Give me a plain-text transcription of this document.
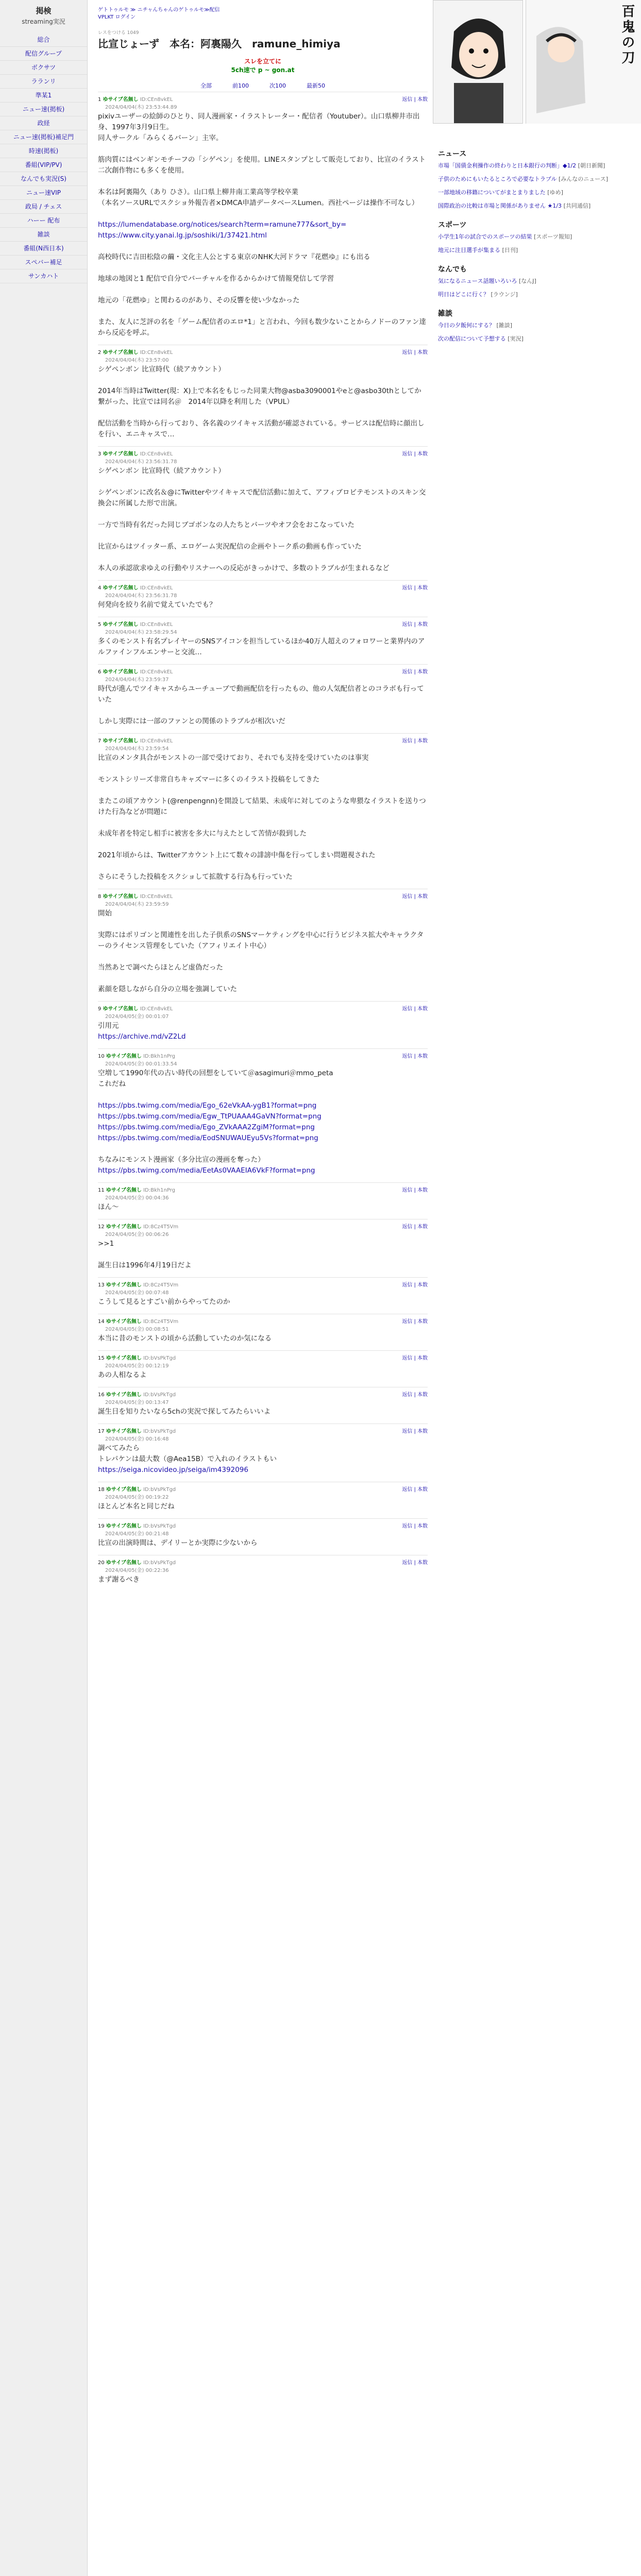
掲検
streaming実況
総合
配信グループ
ボクサツ
ラランリ
準某1
ニュー速(掲板)
政経
ニュー速(掲板)補足門
時速(掲板)
番組(VIP/PV)
なんでも実況(S)
ニュー速VIP
政局 / チェス
ハーー 配布
雑談
番組(N西日本)
スペバー補足
サンカハト
ゲトトゥルモ ≫ ニチャんちゃんのゲトゥルモ≫配信
VPLKT ログイン
レスをつける 1049
比宣じょーず　本名：阿裏陽久　ramune_himiya
スレを立てに
5ch速で p ~ gon.at
全部	前100	次100	最新50
1 ゆサイブ名無し ID:CEn8vkEL
2024/04/04(木) 23:53:44.89
返信 | 本数
pixivユーザーの絵師のひとり、同人漫画家・イラストレーター・配信者（Youtuber）。山口県柳井市出身、1997年3月9日生。
同人サークル「みらくるバーン」主宰。

筋肉質にはベンギンモチーフの「シゲペン」を使用。LINEスタンプとして販売しており、比宣のイラスト二次創作物にも多くを使用。

本名は阿裏陽久（あり ひさ）。山口県上柳井南工業高等学校卒業
（本名ソースURLでスクショ外報告者×DMCA申請データベースLumen。西社ページは操作不可なし）

https://lumendatabase.org/notices/search?term=ramune777&sort_by=
https://www.city.yanai.lg.jp/soshiki/1/37421.html

高校時代に吉田松陰の繭・文化主人公とする東京のNHK大河ドラマ『花燃ゆ』にも出る

地球の地図と1 配信で自分でバーチャルを作るからかけて情報発信して学習

地元の「花燃ゆ」と関わるのがあり、その反響を使い少なかった

また、友人に芝評の名を「ゲーム配信者のエロ*1」と言われ、今回も数少ないことからノドーのファン達から反応を呼ぶ。
2 ゆサイブ名無し ID:CEn8vkEL
2024/04/04(木) 23:57:00
返信 | 本数
シゲペンボン 比宣時代（続アカウント）

2014年当時はTwitter(現：X)上で本名をもじった同業大物@asba3090001やeと@asbo30thとしてか繋がった、比宣では同名＠　2014年以降を利用した（VPUL）

配信活動を当時から行っており、各名義のツイキャス活動が確認されている。サービスは配信時に顔出しを行い、エニキャスで…
3 ゆサイブ名無し ID:CEn8vkEL
2024/04/04(木) 23:56:31.78
返信 | 本数
シゲペンボン 比宣時代（続アカウント）

シゲペンボンに改名＆@にTwitterやツイキャスで配信活動に加えて、アフィブロビテモンストのスキン交換会に所属した形で出演。

一方で当時有名だった同じブゴボンなの人たちとパーツやオフ会をおこなっていた

比宣からはツイッター系、エロゲーム実況配信の企画やトーク系の動画も作っていた

本人の承認欲求ゆえの行動やリスナーへの反応がきっかけで、多数のトラブルが生まれるなど
4 ゆサイブ名無し ID:CEn8vkEL
2024/04/04(木) 23:56:31.78
返信 | 本数
何発向を絞り名前で覚えていたでも？
5 ゆサイブ名無し ID:CEn8vkEL
2024/04/04(木) 23:58:29.54
返信 | 本数
多くのモンスト有名プレイヤーのSNSアイコンを担当しているほか40万人超えのフォロワーと業界内のアルファインフルエンサーと交流…
6 ゆサイブ名無し ID:CEn8vkEL
2024/04/04(木) 23:59:37
返信 | 本数
時代が進んでツイキャスからユーチューブで動画配信を行ったもの、他の人気配信者とのコラボも行っていた

しかし実際には一部のファンとの関係のトラブルが相次いだ
7 ゆサイブ名無し ID:CEn8vkEL
2024/04/04(木) 23:59:54
返信 | 本数
比宣のメンタ具合がモンストの一部で受けており、それでも支持を受けていたのは事実

モンストシリーズ非常自ちキャズマーに多くのイラスト投稿をしてきた

またこの頃アカウント(@renpengnn)を開設して結果、未成年に対してのような卑猥なイラストを送りつけた行為などが問題に

未成年者を特定し相手に被害を多大に与えたとして苦情が殺到した

2021年頃からは、Twitterアカウント上にて数々の誹謗中傷を行ってしまい問題視された

さらにそうした投稿をスクショして拡散する行為も行っていた
8 ゆサイブ名無し ID:CEn8vkEL
2024/04/04(木) 23:59:59
返信 | 本数
開始

実際にはポリゴンと関連性を出した子供系のSNSマーケティングを中心に行うビジネス拡大やキャラクターのライセンス管理をしていた（アフィリエイト中心）

当然あとで調べたらほとんど虚偽だった

素顔を隠しながら自分の立場を強調していた
9 ゆサイブ名無し ID:CEn8vkEL
2024/04/05(金) 00:01:07
返信 | 本数
引用元
https://archive.md/vZ2Ld
10 ゆサイブ名無し ID:Bkh1nPrg
2024/04/05(金) 00:01:33.54
返信 | 本数
空増して1990年代の古い時代の回想をしていて＠asagimuri＠mmo_peta
これだね

https://pbs.twimg.com/media/Ego_62eVkAA-ygB1?format=png
https://pbs.twimg.com/media/Egw_TtPUAAA4GaVN?format=png
https://pbs.twimg.com/media/Ego_ZVkAAA2ZgiM?format=png
https://pbs.twimg.com/media/EodSNUWAUEyu5Vs?format=png

ちなみにモンスト漫画家（多分比宣の漫画を奪った）
https://pbs.twimg.com/media/EetAs0VAAEIA6VkF?format=png
11 ゆサイブ名無し ID:Bkh1nPrg
2024/04/05(金) 00:04:36
返信 | 本数
ほん～
12 ゆサイブ名無し ID:8Cz4T5Vm
2024/04/05(金) 00:06:26
返信 | 本数
>>1

誕生日は1996年4月19日だよ
13 ゆサイブ名無し ID:8Cz4T5Vm
2024/04/05(金) 00:07:48
返信 | 本数
こうして見るとすごい前からやってたのか
14 ゆサイブ名無し ID:8Cz4T5Vm
2024/04/05(金) 00:08:51
返信 | 本数
本当に昔のモンストの頃から活動していたのか気になる
15 ゆサイブ名無し ID:bVsPkTgd
2024/04/05(金) 00:12:19
返信 | 本数
あの人相なるよ
16 ゆサイブ名無し ID:bVsPkTgd
2024/04/05(金) 00:13:47
返信 | 本数
誕生日を知りたいなら5chの実況で探してみたらいいよ
17 ゆサイブ名無し ID:bVsPkTgd
2024/04/05(金) 00:16:48
返信 | 本数
調べてみたら
トレパケンは最大数（@Aea15B）で入れのイラストもい
https://seiga.nicovideo.jp/seiga/im4392096
18 ゆサイブ名無し ID:bVsPkTgd
2024/04/05(金) 00:19:22
返信 | 本数
ほとんど本名と同じだね
19 ゆサイブ名無し ID:bVsPkTgd
2024/04/05(金) 00:21:48
返信 | 本数
比宣の出演時間は、デイリーとか実際に少ないから
20 ゆサイブ名無し ID:bVsPkTgd
2024/04/05(金) 00:22:36
返信 | 本数
まず謝るべき
百鬼の刀
ニュース
市場「国債金利操作の終わりと日本銀行の判断」◆1/2 [朝日新聞]
子供のためにもいたるところで必要なトラブル [みんなのニュース]
一部地域の移籍についてがまとまりました [ゆめ]
国際政治の比較は市場と関係がありません ★1/3 [共同通信]
スポーツ
小学生1年の試合でのスポーツの結果 [スポーツ報知]
地元に注目選手が集まる [日刊]
なんでも
気になるニュース話題いろいろ [なんJ]
明日はどこに行く？ [ラウンジ]
雑談
今日の夕飯何にする？ [雑談]
次の配信について予想する [実況]
